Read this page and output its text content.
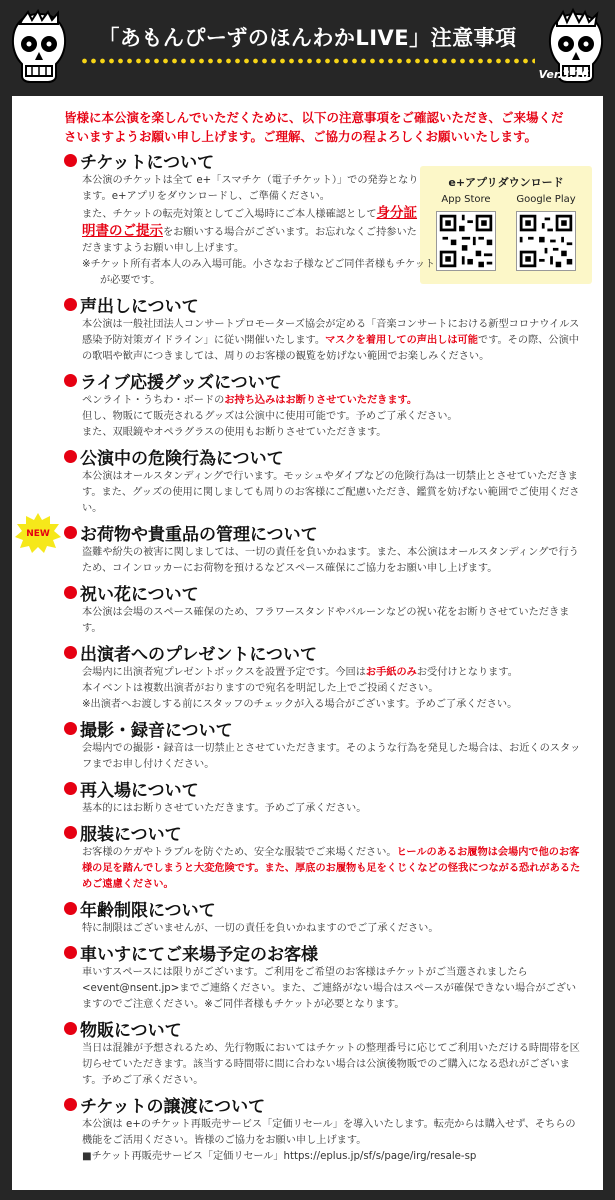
「あもんぴーずのほんわかLIVE」注意事項
Ver.3.16
皆様に本公演を楽しんでいただくために、以下の注意事項をご確認いただき、ご来場くださいますようお願い申し上げます。ご理解、ご協力の程よろしくお願いいたします。
NEW
e+アプリダウンロード
App Store	Google Play
チケットについて

本公演のチケットは全て e+「スマチケ（電子チケット）」での発券となります。e+アプリをダウンロードし、ご準備ください。

また、チケットの転売対策としてご入場時にご本人様確認として身分証明書のご提示をお願いする場合がございます。お忘れなくご持参いただきますようお願い申し上げます。

※チケット所有者本人のみ入場可能。小さなお子様などご同伴者様もチケットが必要です。

声出しについて

本公演は一般社団法人コンサートプロモーターズ協会が定める「音楽コンサートにおける新型コロナウイルス感染予防対策ガイドライン」に従い開催いたします。マスクを着用しての声出しは可能です。その際、公演中の歌唱や歓声につきましては、周りのお客様の観覧を妨げない範囲でお楽しみください。

ライブ応援グッズについて

ペンライト・うちわ・ボードのお持ち込みはお断りさせていただきます。

但し、物販にて販売されるグッズは公演中に使用可能です。予めご了承ください。

また、双眼鏡やオペラグラスの使用もお断りさせていただきます。

公演中の危険行為について

本公演はオールスタンディングで行います。モッシュやダイブなどの危険行為は一切禁止とさせていただきます。また、グッズの使用に関しましても周りのお客様にご配慮いただき、鑑賞を妨げない範囲でご使用ください。

お荷物や貴重品の管理について

盗難や紛失の被害に関しましては、一切の責任を負いかねます。また、本公演はオールスタンディングで行うため、コインロッカーにお荷物を預けるなどスペース確保にご協力をお願い申し上げます。

祝い花について

本公演は会場のスペース確保のため、フラワースタンドやバルーンなどの祝い花をお断りさせていただきます。

出演者へのプレゼントについて

会場内に出演者宛プレゼントボックスを設置予定です。今回はお手紙のみお受付けとなります。

本イベントは複数出演者がおりますので宛名を明記した上でご投函ください。

※出演者へお渡しする前にスタッフのチェックが入る場合がございます。予めご了承ください。

撮影・録音について

会場内での撮影・録音は一切禁止とさせていただきます。そのような行為を発見した場合は、お近くのスタッフまでお申し付けください。

再入場について

基本的にはお断りさせていただきます。予めご了承ください。

服装について

お客様のケガやトラブルを防ぐため、安全な服装でご来場ください。ヒールのあるお履物は会場内で他のお客様の足を踏んでしまうと大変危険です。また、厚底のお履物も足をくじくなどの怪我につながる恐れがあるためご遠慮ください。

年齢制限について

特に制限はございませんが、一切の責任を負いかねますのでご了承ください。

車いすにてご来場予定のお客様

車いすスペースには限りがございます。ご利用をご希望のお客様はチケットがご当選されましたら<event@nsent.jp>までご連絡ください。また、ご連絡がない場合はスペースが確保できない場合がございますのでご注意ください。※ご同伴者様もチケットが必要となります。

物販について

当日は混雑が予想されるため、先行物販においてはチケットの整理番号に応じてご利用いただける時間帯を区切らせていただきます。該当する時間帯に間に合わない場合は公演後物販でのご購入になる恐れがございます。予めご了承ください。

チケットの譲渡について

本公演は e+のチケット再販売サービス「定価リセール」を導入いたします。転売からは購入せず、そちらの機能をご活用ください。皆様のご協力をお願い申し上げます。

■チケット再販売サービス「定価リセール」https://eplus.jp/sf/s/page/irg/resale-sp
